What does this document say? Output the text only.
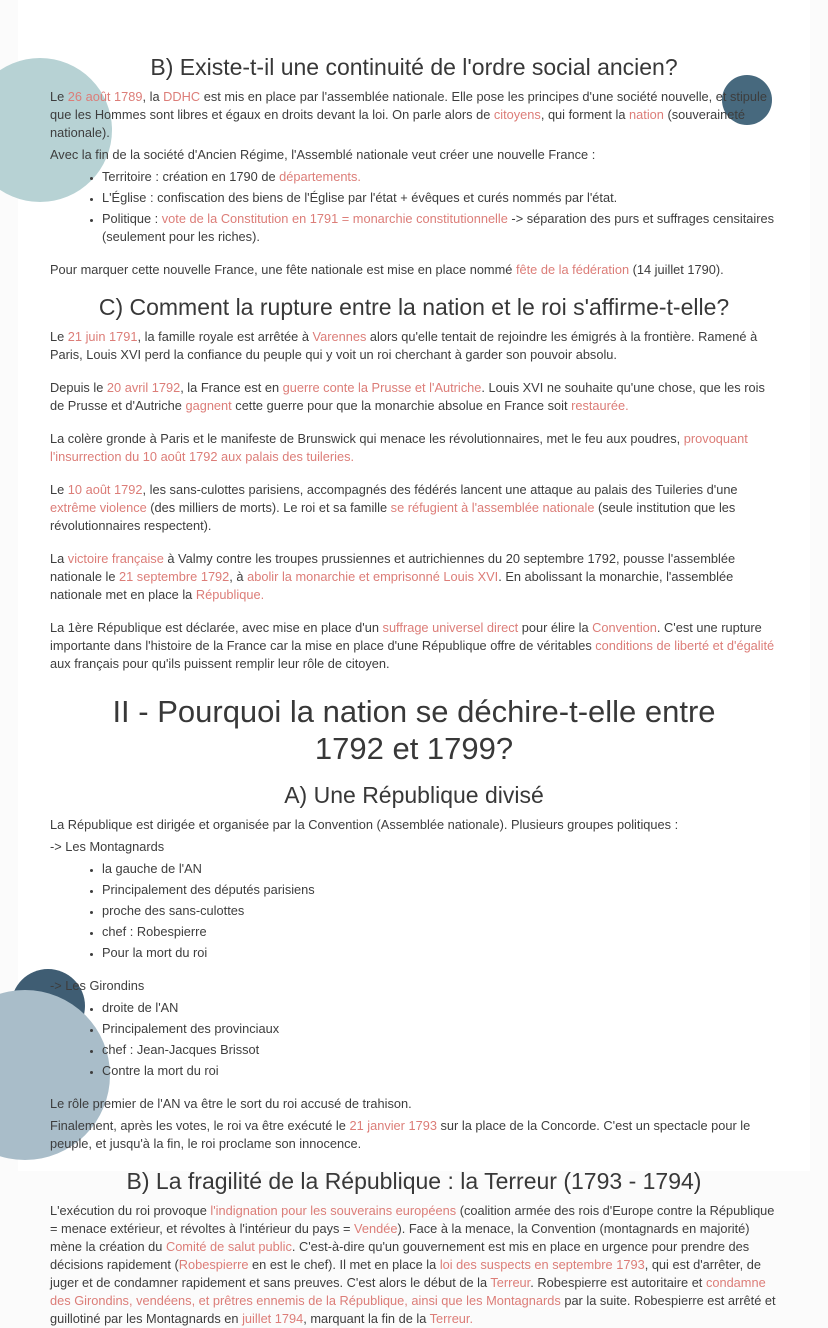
B) Existe-t-il une continuité de l'ordre social ancien?

Le 26 août 1789, la DDHC est mis en place par l'assemblée nationale. Elle pose les principes d'une société nouvelle, et stipule que les Hommes sont libres et égaux en droits devant la loi. On parle alors de citoyens, qui forment la nation (souveraineté nationale).

Avec la fin de la société d'Ancien Régime, l'Assemblé nationale veut créer une nouvelle France :

• Territoire : création en 1790 de départements.
• L'Église : confiscation des biens de l'Église par l'état + évêques et curés nommés par l'état.
• Politique : vote de la Constitution en 1791 = monarchie constitutionnelle -> séparation des purs et suffrages censitaires (seulement pour les riches).

Pour marquer cette nouvelle France, une fête nationale est mise en place nommé fête de la fédération (14 juillet 1790).

C) Comment la rupture entre la nation et le roi s'affirme-t-elle?

Le 21 juin 1791, la famille royale est arrêtée à Varennes alors qu'elle tentait de rejoindre les émigrés à la frontière. Ramené à Paris, Louis XVI perd la confiance du peuple qui y voit un roi cherchant à garder son pouvoir absolu.

Depuis le 20 avril 1792, la France est en guerre conte la Prusse et l'Autriche. Louis XVI ne souhaite qu'une chose, que les rois de Prusse et d'Autriche gagnent cette guerre pour que la monarchie absolue en France soit restaurée.

La colère gronde à Paris et le manifeste de Brunswick qui menace les révolutionnaires, met le feu aux poudres, provoquant l'insurrection du 10 août 1792 aux palais des tuileries.

Le 10 août 1792, les sans-culottes parisiens, accompagnés des fédérés lancent une attaque au palais des Tuileries d'une extrême violence (des milliers de morts). Le roi et sa famille se réfugient à l'assemblée nationale (seule institution que les révolutionnaires respectent).

La victoire française à Valmy contre les troupes prussiennes et autrichiennes du 20 septembre 1792, pousse l'assemblée nationale le 21 septembre 1792, à abolir la monarchie et emprisonné Louis XVI. En abolissant la monarchie, l'assemblée nationale met en place la République.

La 1ère République est déclarée, avec mise en place d'un suffrage universel direct pour élire la Convention. C'est une rupture importante dans l'histoire de la France car la mise en place d'une République offre de véritables conditions de liberté et d'égalité aux français pour qu'ils puissent remplir leur rôle de citoyen.

II - Pourquoi la nation se déchire-t-elle entre 1792 et 1799?
A) Une République divisé

La République est dirigée et organisée par la Convention (Assemblée nationale). Plusieurs groupes politiques :

-> Les Montagnards

• la gauche de l'AN
• Principalement des députés parisiens
• proche des sans-culottes
• chef : Robespierre
• Pour la mort du roi

-> Les Girondins

• droite de l'AN
• Principalement des provinciaux
• chef : Jean-Jacques Brissot
• Contre la mort du roi

Le rôle premier de l'AN va être le sort du roi accusé de trahison.

Finalement, après les votes, le roi va être exécuté le 21 janvier 1793 sur la place de la Concorde. C'est un spectacle pour le peuple, et jusqu'à la fin, le roi proclame son innocence.

B) La fragilité de la République : la Terreur (1793 - 1794)

L'exécution du roi provoque l'indignation pour les souverains européens (coalition armée des rois d'Europe contre la République = menace extérieur, et révoltes à l'intérieur du pays = Vendée). Face à la menace, la Convention (montagnards en majorité) mène la création du Comité de salut public. C'est-à-dire qu'un gouvernement est mis en place en urgence pour prendre des décisions rapidement (Robespierre en est le chef). Il met en place la loi des suspects en septembre 1793, qui est d'arrêter, de juger et de condamner rapidement et sans preuves. C'est alors le début de la Terreur. Robespierre est autoritaire et condamne des Girondins, vendéens, et prêtres ennemis de la République, ainsi que les Montagnards par la suite. Robespierre est arrêté et guillotiné par les Montagnards en juillet 1794, marquant la fin de la Terreur.
